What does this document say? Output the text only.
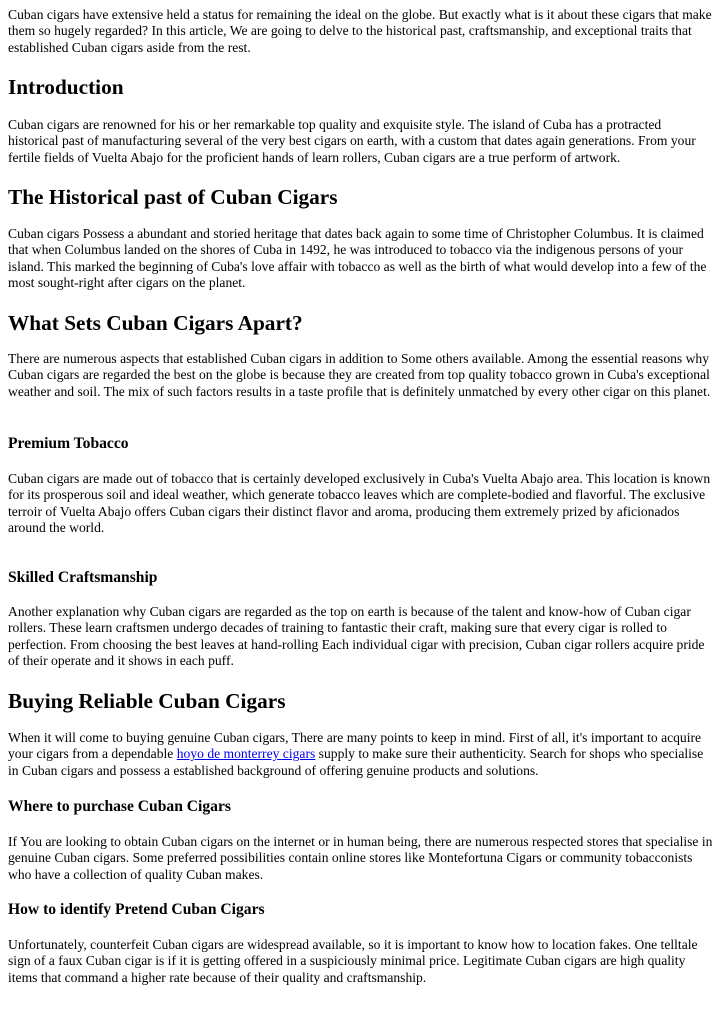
Cuban cigars have extensive held a status for remaining the ideal on the globe. But exactly what is it about these cigars that make them so hugely regarded? In this article, We are going to delve to the historical past, craftsmanship, and exceptional traits that established Cuban cigars aside from the rest.

Introduction

Cuban cigars are renowned for his or her remarkable top quality and exquisite style. The island of Cuba has a protracted historical past of manufacturing several of the very best cigars on earth, with a custom that dates again generations. From your fertile fields of Vuelta Abajo for the proficient hands of learn rollers, Cuban cigars are a true perform of artwork.

The Historical past of Cuban Cigars

Cuban cigars Possess a abundant and storied heritage that dates back again to some time of Christopher Columbus. It is claimed that when Columbus landed on the shores of Cuba in 1492, he was introduced to tobacco via the indigenous persons of your island. This marked the beginning of Cuba's love affair with tobacco as well as the birth of what would develop into a few of the most sought-right after cigars on the planet.

What Sets Cuban Cigars Apart?

There are numerous aspects that established Cuban cigars in addition to Some others available. Among the essential reasons why Cuban cigars are regarded the best on the globe is because they are created from top quality tobacco grown in Cuba's exceptional weather and soil. The mix of such factors results in a taste profile that is definitely unmatched by every other cigar on this planet.

Premium Tobacco

Cuban cigars are made out of tobacco that is certainly developed exclusively in Cuba's Vuelta Abajo area. This location is known for its prosperous soil and ideal weather, which generate tobacco leaves which are complete-bodied and flavorful. The exclusive terroir of Vuelta Abajo offers Cuban cigars their distinct flavor and aroma, producing them extremely prized by aficionados around the world.

Skilled Craftsmanship

Another explanation why Cuban cigars are regarded as the top on earth is because of the talent and know-how of Cuban cigar rollers. These learn craftsmen undergo decades of training to fantastic their craft, making sure that every cigar is rolled to perfection. From choosing the best leaves at hand-rolling Each individual cigar with precision, Cuban cigar rollers acquire pride of their operate and it shows in each puff.

Buying Reliable Cuban Cigars

When it will come to buying genuine Cuban cigars, There are many points to keep in mind. First of all, it's important to acquire your cigars from a dependable hoyo de monterrey cigars supply to make sure their authenticity. Search for shops who specialise in Cuban cigars and possess a established background of offering genuine products and solutions.

Where to purchase Cuban Cigars

If You are looking to obtain Cuban cigars on the internet or in human being, there are numerous respected stores that specialise in genuine Cuban cigars. Some preferred possibilities contain online stores like Montefortuna Cigars or community tobacconists who have a collection of quality Cuban makes.

How to identify Pretend Cuban Cigars

Unfortunately, counterfeit Cuban cigars are widespread available, so it is important to know how to location fakes. One telltale sign of a faux Cuban cigar is if it is getting offered in a suspiciously minimal price. Legitimate Cuban cigars are high quality items that command a higher rate because of their quality and craftsmanship.
